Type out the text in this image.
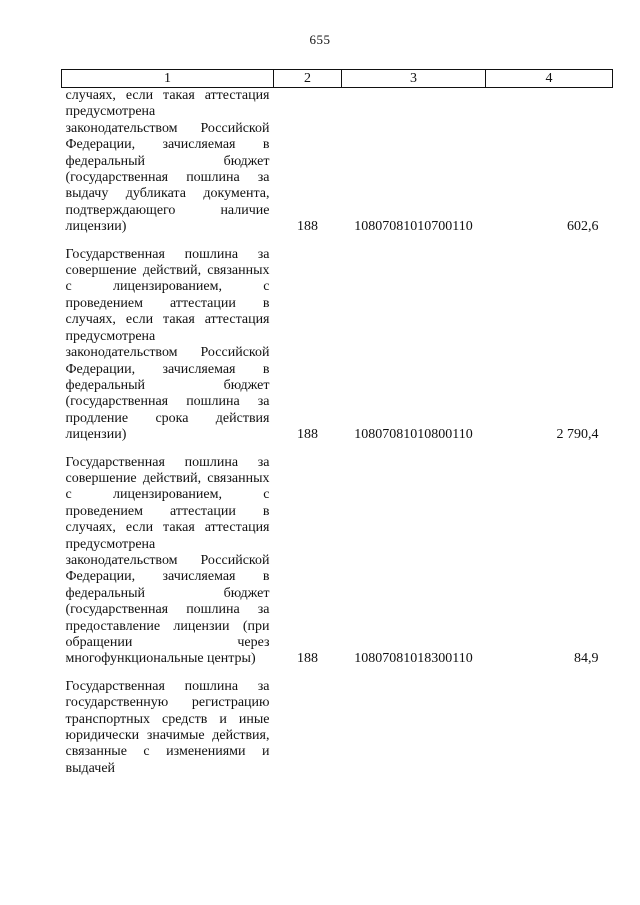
655
1	2	3	4
случаях, если такая аттестация предусмотрена законодательством Российской Федерации, зачисляемая в федеральный бюджет (государственная пошлина за выдачу дубликата документа, подтверждающего наличие лицензии)	188	10807081010700110	602,6
Государственная пошлина за совершение действий, связанных с лицензированием, с проведением аттестации в случаях, если такая аттестация предусмотрена законодательством Российской Федерации, зачисляемая в федеральный бюджет (государственная пошлина за продление срока действия лицензии)	188	10807081010800110	2 790,4
Государственная пошлина за совершение действий, связанных с лицензированием, с проведением аттестации в случаях, если такая аттестация предусмотрена законодательством Российской Федерации, зачисляемая в федеральный бюджет (государственная пошлина за предоставление лицензии (при обращении через многофункциональные центры)	188	10807081018300110	84,9
Государственная пошлина за государственную регистрацию транспортных средств и иные юридически значимые действия, связанные с изменениями и выдачей			
